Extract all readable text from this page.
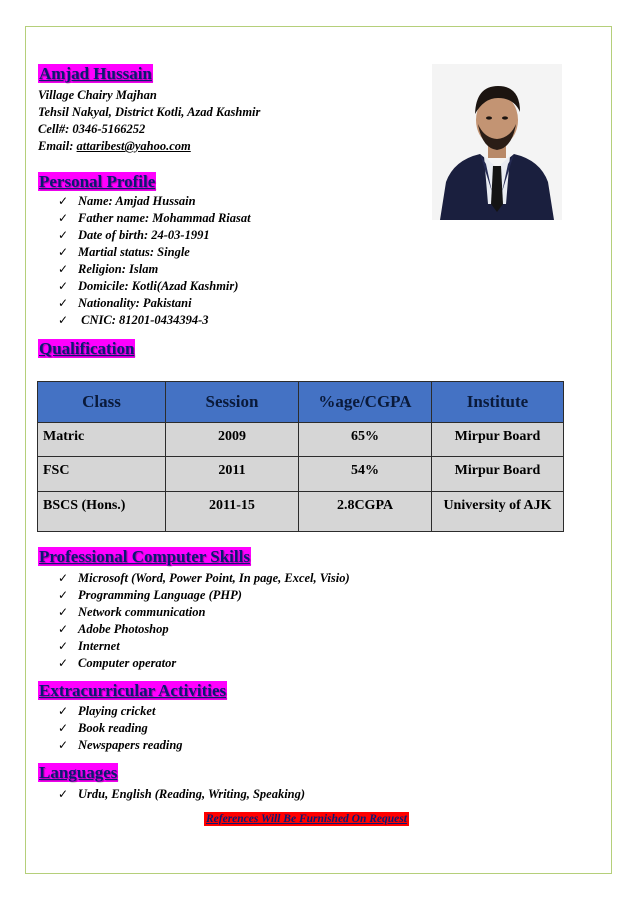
Amjad Hussain
Village Chairy Majhan
Tehsil Nakyal, District Kotli, Azad Kashmir
Cell#: 0346-5166252
Email: attaribest@yahoo.com
Personal Profile
✓ Name: Amjad Hussain
✓ Father name: Mohammad Riasat
✓ Date of birth: 24-03-1991
✓ Martial status: Single
✓ Religion: Islam
✓ Domicile: Kotli(Azad Kashmir)
✓ Nationality: Pakistani
✓ CNIC: 81201-0434394-3
Qualification
Class	Session	%age/CGPA	Institute
Matric	2009	65%	Mirpur Board
FSC	2011	54%	Mirpur Board
BSCS (Hons.)	2011-15	2.8CGPA	University of AJK
Professional Computer Skills
✓ Microsoft (Word, Power Point, In page, Excel, Visio)
✓ Programming Language (PHP)
✓ Network communication
✓ Adobe Photoshop
✓ Internet
✓ Computer operator
Extracurricular Activities
✓ Playing cricket
✓ Book reading
✓ Newspapers reading
Languages
✓ Urdu, English (Reading, Writing, Speaking)
References Will Be Furnished On Request
